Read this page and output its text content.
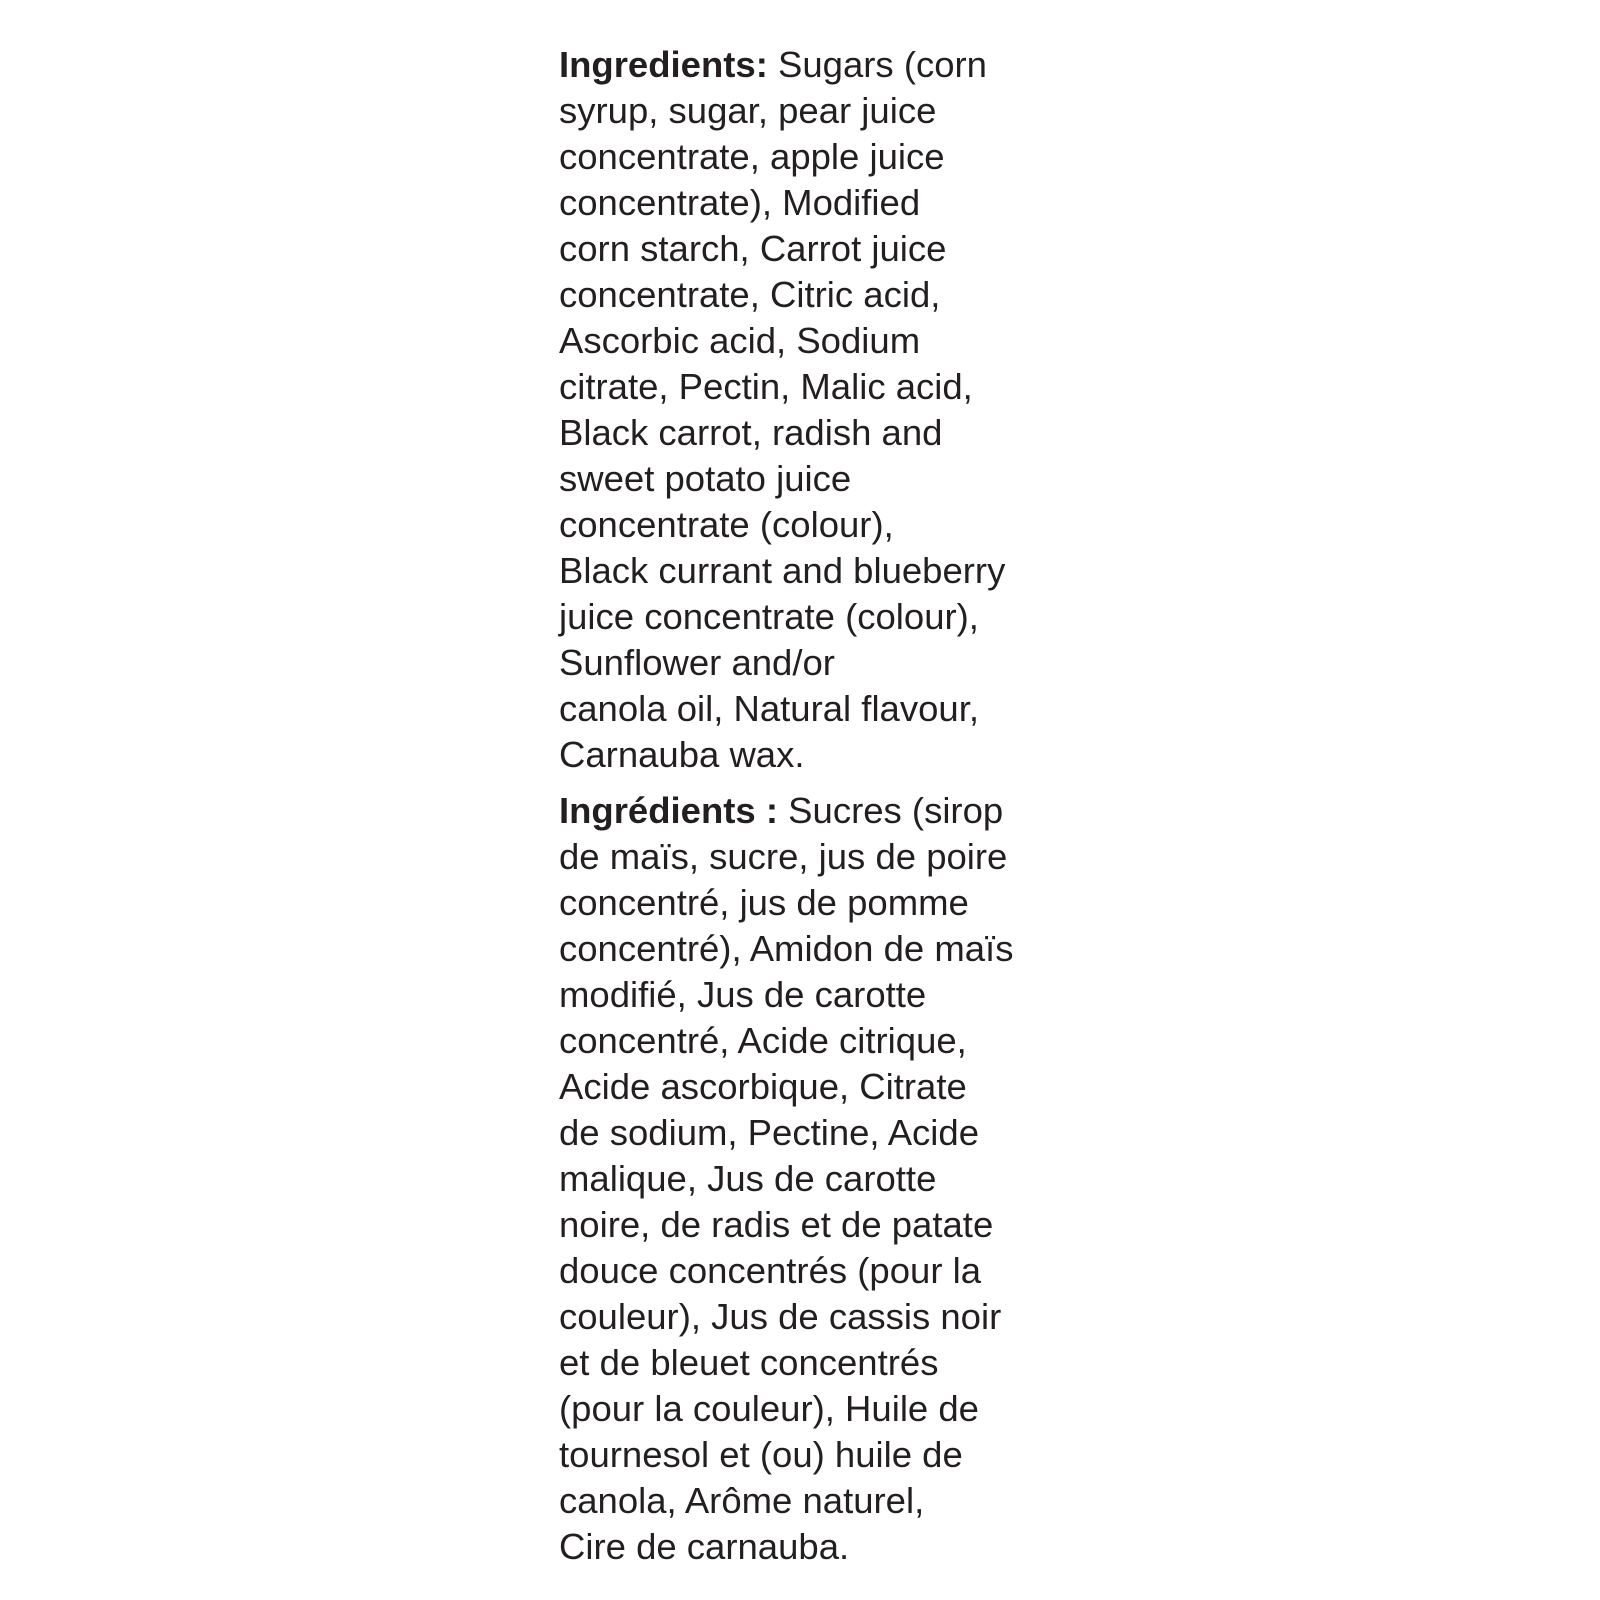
Ingredients: Sugars (corn
syrup, sugar, pear juice
concentrate, apple juice
concentrate), Modified
corn starch, Carrot juice
concentrate, Citric acid,
Ascorbic acid, Sodium
citrate, Pectin, Malic acid,
Black carrot, radish and
sweet potato juice
concentrate (colour),
Black currant and blueberry
juice concentrate (colour),
Sunflower and/or
canola oil, Natural flavour,
Carnauba wax.
Ingrédients : Sucres (sirop
de maïs, sucre, jus de poire
concentré, jus de pomme
concentré), Amidon de maïs
modifié, Jus de carotte
concentré, Acide citrique,
Acide ascorbique, Citrate
de sodium, Pectine, Acide
malique, Jus de carotte
noire, de radis et de patate
douce concentrés (pour la
couleur), Jus de cassis noir
et de bleuet concentrés
(pour la couleur), Huile de
tournesol et (ou) huile de
canola, Arôme naturel,
Cire de carnauba.
